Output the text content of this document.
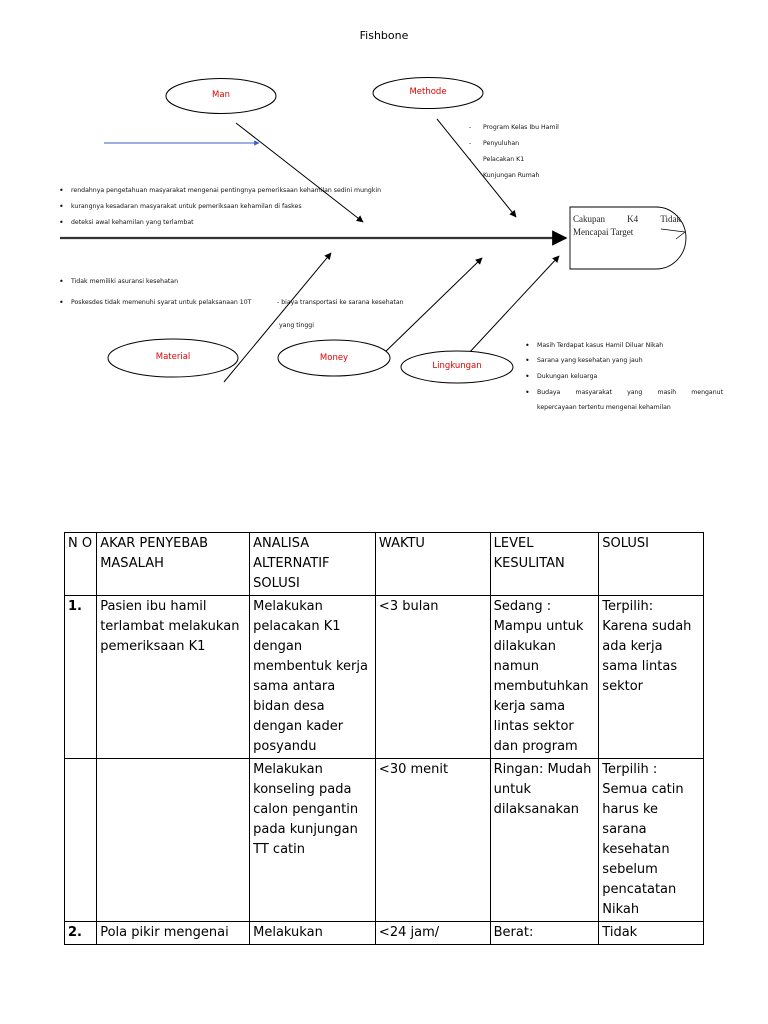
Fishbone
Man	Methode
Material	Money
Lingkungan
Cakupan K4 Tidak
Mencapai Target
- Program Kelas Ibu Hamil
- Penyuluhan
- Pelacakan K1
Kunjungan Rumah
• rendahnya pengetahuan masyarakat mengenai pentingnya pemeriksaan kehamilan sedini mungkin
• kurangnya kesadaran masyarakat untuk pemeriksaan kehamilan di faskes
• deteksi awal kehamilan yang terlambat
• Tidak memiliki asuransi kesehatan
• Poskesdes tidak memenuhi syarat untuk pelaksanaan 10T	- biaya transportasi ke sarana kesehatan
yang tinggi
• Masih Terdapat kasus Hamil Diluar Nikah
• Sarana yang kesehatan yang jauh
• Dukungan keluarga
• Budaya masyarakat yang masih menganut
kepercayaan tertentu mengenai kehamilan
N O	AKAR PENYEBAB MASALAH	ANALISA ALTERNATIF SOLUSI	WAKTU	LEVEL KESULITAN	SOLUSI
1.	Pasien ibu hamil terlambat melakukan pemeriksaan K1	Melakukan pelacakan K1 dengan membentuk kerja sama antara bidan desa dengan kader posyandu	<3 bulan	Sedang : Mampu untuk dilakukan namun membutuhkan kerja sama lintas sektor dan program	Terpilih: Karena sudah ada kerja sama lintas sektor
		Melakukan konseling pada calon pengantin pada kunjungan TT catin	<30 menit	Ringan: Mudah untuk dilaksanakan	Terpilih : Semua catin harus ke sarana kesehatan sebelum pencatatan Nikah
2.	Pola pikir mengenai	Melakukan	<24 jam/	Berat:	Tidak
